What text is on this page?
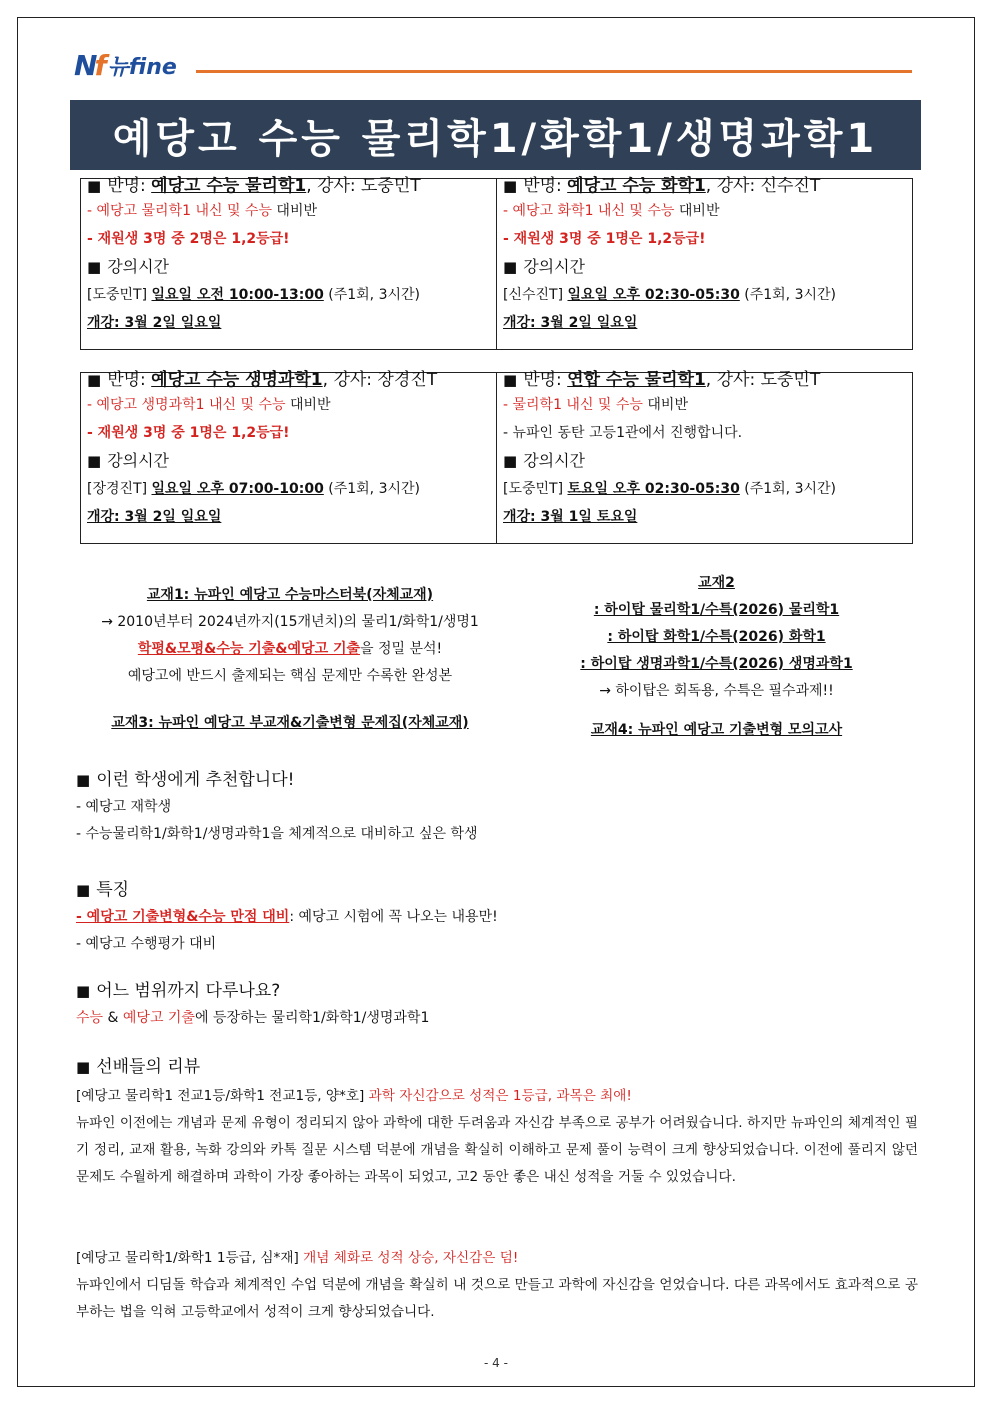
Nf 뉴fine
예당고 수능 물리학1/화학1/생명과학1
■ 반명: 예당고 수능 물리학1, 강사: 도중민T
- 예당고 물리학1 내신 및 수능 대비반
- 재원생 3명 중 2명은 1,2등급!
■ 강의시간
[도중민T] 일요일 오전 10:00-13:00 (주1회, 3시간)
개강: 3월 2일 일요일

■ 반명: 예당고 수능 화학1, 강사: 신수진T
- 예당고 화학1 내신 및 수능 대비반
- 재원생 3명 중 1명은 1,2등급!
■ 강의시간
[신수진T] 일요일 오후 02:30-05:30 (주1회, 3시간)
개강: 3월 2일 일요일
■ 반명: 예당고 수능 생명과학1, 강사: 장경진T
- 예당고 생명과학1 내신 및 수능 대비반
- 재원생 3명 중 1명은 1,2등급!
■ 강의시간
[장경진T] 일요일 오후 07:00-10:00 (주1회, 3시간)
개강: 3월 2일 일요일

■ 반명: 연합 수능 물리학1, 강사: 도중민T
- 물리학1 내신 및 수능 대비반
- 뉴파인 동탄 고등1관에서 진행합니다.
■ 강의시간
[도중민T] 토요일 오후 02:30-05:30 (주1회, 3시간)
개강: 3월 1일 토요일
교재1: 뉴파인 예당고 수능마스터북(자체교재)
→ 2010년부터 2024년까지(15개년치)의 물리1/화학1/생명1
학평&모평&수능 기출&예당고 기출을 정밀 분석!
예당고에 반드시 출제되는 핵심 문제만 수록한 완성본
교재3: 뉴파인 예당고 부교재&기출변형 문제집(자체교재)
교재2
: 하이탑 물리학1/수특(2026) 물리학1
: 하이탑 화학1/수특(2026) 화학1
: 하이탑 생명과학1/수특(2026) 생명과학1
→ 하이탑은 회독용, 수특은 필수과제!!
교재4: 뉴파인 예당고 기출변형 모의고사
■ 이런 학생에게 추천합니다!
- 예당고 재학생
- 수능물리학1/화학1/생명과학1을 체계적으로 대비하고 싶은 학생
■ 특징
- 예당고 기출변형&수능 만점 대비: 예당고 시험에 꼭 나오는 내용만!
- 예당고 수행평가 대비
■ 어느 범위까지 다루나요?
수능 & 예당고 기출에 등장하는 물리학1/화학1/생명과학1
■ 선배들의 리뷰
[예당고 물리학1 전교1등/화학1 전교1등, 양*호] 과학 자신감으로 성적은 1등급, 과목은 최애!
뉴파인 이전에는 개념과 문제 유형이 정리되지 않아 과학에 대한 두려움과 자신감 부족으로 공부가 어려웠습니다. 하지만 뉴파인의 체계적인 필기 정리, 교재 활용, 녹화 강의와 카톡 질문 시스템 덕분에 개념을 확실히 이해하고 문제 풀이 능력이 크게 향상되었습니다. 이전에 풀리지 않던 문제도 수월하게 해결하며 과학이 가장 좋아하는 과목이 되었고, 고2 동안 좋은 내신 성적을 거둘 수 있었습니다.
[예당고 물리학1/화학1 1등급, 심*재] 개념 체화로 성적 상승, 자신감은 덤!
뉴파인에서 디딤돌 학습과 체계적인 수업 덕분에 개념을 확실히 내 것으로 만들고 과학에 자신감을 얻었습니다. 다른 과목에서도 효과적으로 공부하는 법을 익혀 고등학교에서 성적이 크게 향상되었습니다.
- 4 -
